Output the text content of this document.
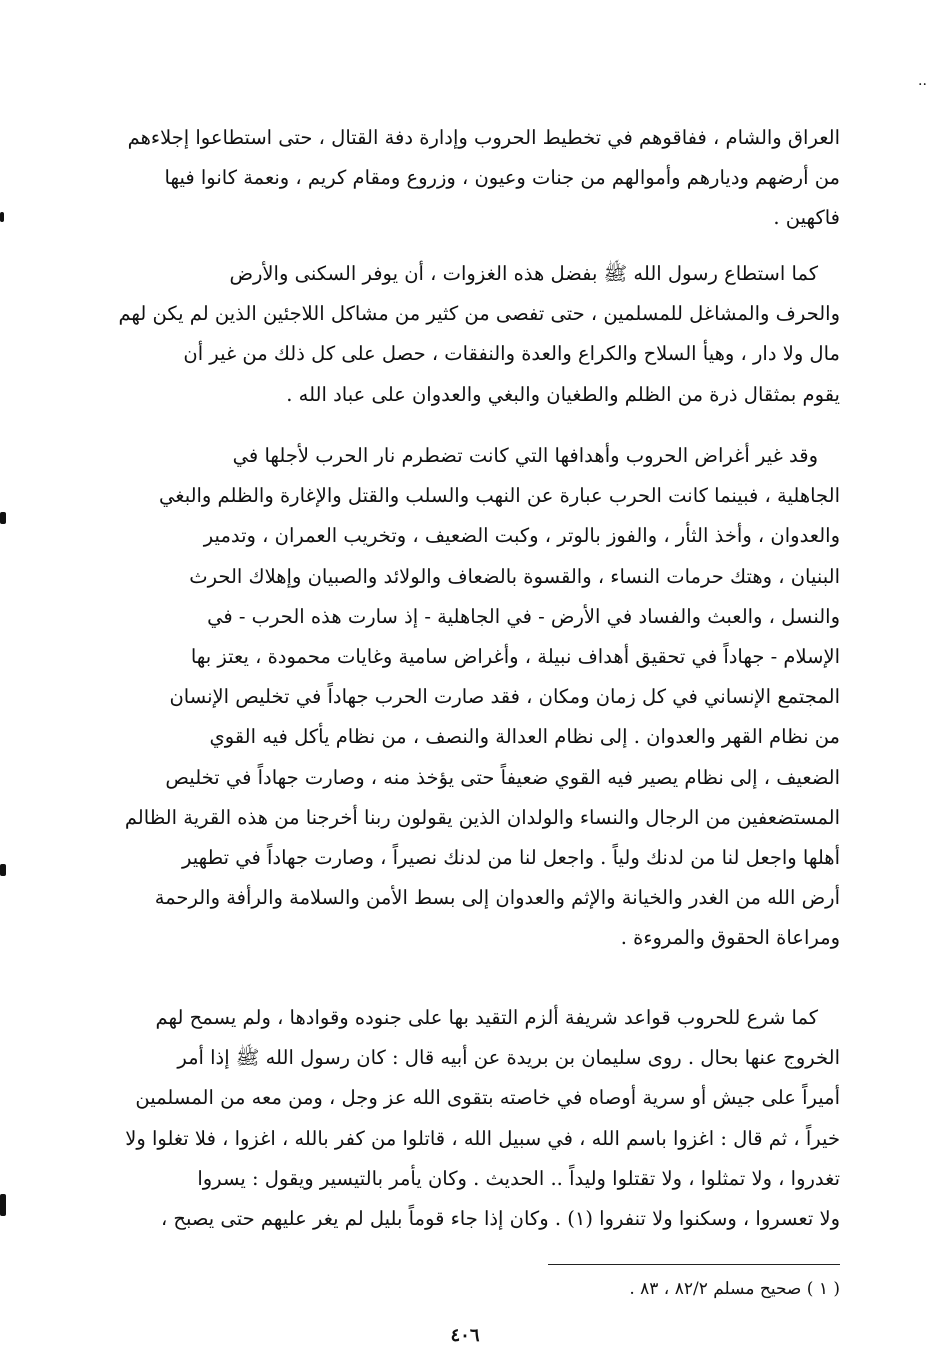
..
العراق والشام ، ففاقوهم في تخطيط الحروب وإدارة دفة القتال ، حتى استطاعوا إجلاءهم
من أرضهم وديارهم وأموالهم من جنات وعيون ، وزروع ومقام كريم ، ونعمة كانوا فيها
فاكهين .
كما استطاع رسول الله ﷺ بفضل هذه الغزوات ، أن يوفر السكنى والأرض
والحرف والمشاغل للمسلمين ، حتى تفصى من كثير من مشاكل اللاجئين الذين لم يكن لهم
مال ولا دار ، وهيأ السلاح والكراع والعدة والنفقات ، حصل على كل ذلك من غير أن
يقوم بمثقال ذرة من الظلم والطغيان والبغي والعدوان على عباد الله .
وقد غير أغراض الحروب وأهدافها التي كانت تضطرم نار الحرب لأجلها في
الجاهلية ، فبينما كانت الحرب عبارة عن النهب والسلب والقتل والإغارة والظلم والبغي
والعدوان ، وأخذ الثأر ، والفوز بالوتر ، وكبت الضعيف ، وتخريب العمران ، وتدمير
البنيان ، وهتك حرمات النساء ، والقسوة بالضعاف والولائد والصبيان وإهلاك الحرث
والنسل ، والعبث والفساد في الأرض - في الجاهلية - إذ سارت هذه الحرب - في
الإسلام - جهاداً في تحقيق أهداف نبيلة ، وأغراض سامية وغايات محمودة ، يعتز بها
المجتمع الإنساني في كل زمان ومكان ، فقد صارت الحرب جهاداً في تخليص الإنسان
من نظام القهر والعدوان . إلى نظام العدالة والنصف ، من نظام يأكل فيه القوي
الضعيف ، إلى نظام يصير فيه القوي ضعيفاً حتى يؤخذ منه ، وصارت جهاداً في تخليص
المستضعفين من الرجال والنساء والولدان الذين يقولون ربنا أخرجنا من هذه القرية الظالم
أهلها واجعل لنا من لدنك ولياً . واجعل لنا من لدنك نصيراً ، وصارت جهاداً في تطهير
أرض الله من الغدر والخيانة والإثم والعدوان إلى بسط الأمن والسلامة والرأفة والرحمة
ومراعاة الحقوق والمروءة .
كما شرع للحروب قواعد شريفة ألزم التقيد بها على جنوده وقوادها ، ولم يسمح لهم
الخروج عنها بحال . روى سليمان بن بريدة عن أبيه قال : كان رسول الله ﷺ إذا أمر
أميراً على جيش أو سرية أوصاه في خاصته بتقوى الله عز وجل ، ومن معه من المسلمين
خيراً ، ثم قال : اغزوا باسم الله ، في سبيل الله ، قاتلوا من كفر بالله ، اغزوا ، فلا تغلوا ولا
تغدروا ، ولا تمثلوا ، ولا تقتلوا وليداً .. الحديث . وكان يأمر بالتيسير ويقول : يسروا
ولا تعسروا ، وسكنوا ولا تنفروا (١) . وكان إذا جاء قوماً بليل لم يغر عليهم حتى يصبح ،
( ١ ) صحيح مسلم ٨٢/٢ ، ٨٣ .
٤٠٦
